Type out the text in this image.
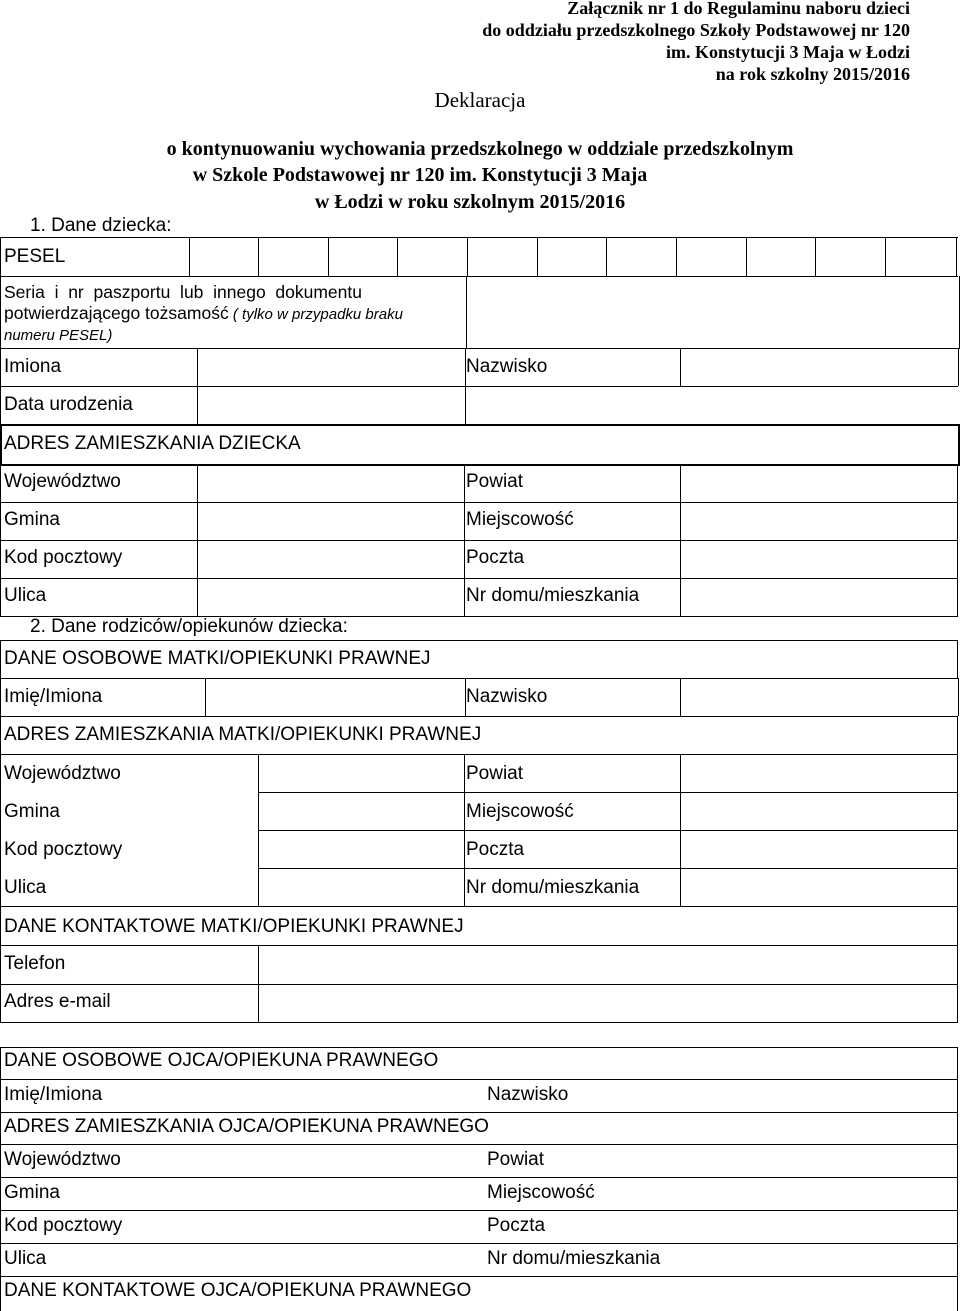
Załącznik nr 1 do Regulaminu naboru dzieci
do oddziału przedszkolnego Szkoły Podstawowej nr 120
im. Konstytucji 3 Maja w Łodzi
na rok szkolny 2015/2016
Deklaracja
o kontynuowaniu wychowania przedszkolnego w oddziale przedszkolnym
w Szkole Podstawowej nr 120 im. Konstytucji 3 Maja
w Łodzi w roku szkolnym 2015/2016
1. Dane dziecka:
PESEL
Seria  i  nr  paszportu  lub  innego  dokumentu
potwierdzającego tożsamość ( tylko w przypadku braku
numeru PESEL)
Imiona	Nazwisko
Data urodzenia
ADRES ZAMIESZKANIA DZIECKA
Województwo	Powiat
Gmina	Miejscowość
Kod pocztowy	Poczta
Ulica	Nr domu/mieszkania
2. Dane rodziców/opiekunów dziecka:
DANE OSOBOWE MATKI/OPIEKUNKI PRAWNEJ
Imię/Imiona	Nazwisko
ADRES ZAMIESZKANIA MATKI/OPIEKUNKI PRAWNEJ
Województwo	Powiat
Gmina	Miejscowość
Kod pocztowy	Poczta
Ulica	Nr domu/mieszkania
DANE KONTAKTOWE MATKI/OPIEKUNKI PRAWNEJ
Telefon
Adres e-mail
DANE OSOBOWE OJCA/OPIEKUNA PRAWNEGO
Imię/Imiona	Nazwisko
ADRES ZAMIESZKANIA OJCA/OPIEKUNA PRAWNEGO
Województwo	Powiat
Gmina	Miejscowość
Kod pocztowy	Poczta
Ulica	Nr domu/mieszkania
DANE KONTAKTOWE OJCA/OPIEKUNA PRAWNEGO
